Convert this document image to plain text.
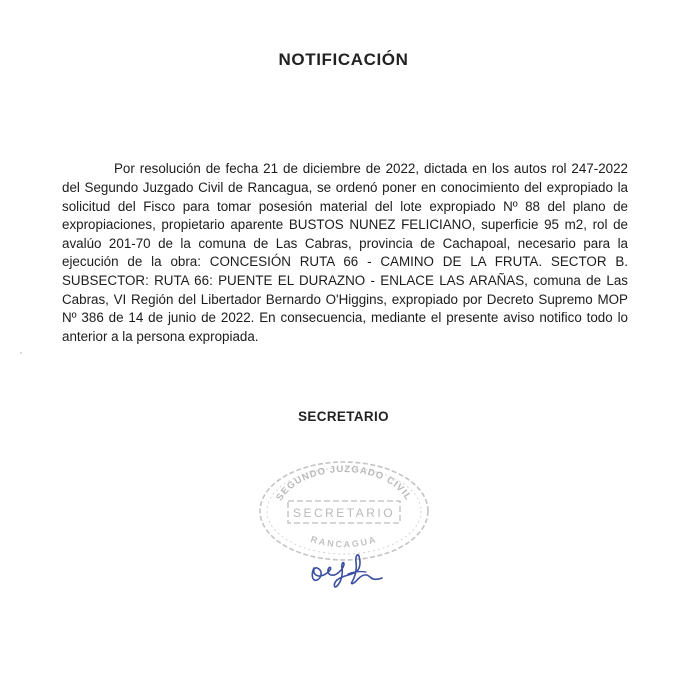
NOTIFICACIÓN

Por resolución de fecha 21 de diciembre de 2022, dictada en los autos rol 247-2022 del Segundo Juzgado Civil de Rancagua, se ordenó poner en conocimiento del expropiado la solicitud del Fisco para tomar posesión material del lote expropiado Nº 88 del plano de expropiaciones, propietario aparente BUSTOS NUNEZ FELICIANO, superficie 95 m2, rol de avalúo 201-70 de la comuna de Las Cabras, provincia de Cachapoal, necesario para la ejecución de la obra: CONCESIÓN RUTA 66 - CAMINO DE LA FRUTA. SECTOR B. SUBSECTOR: RUTA 66: PUENTE EL DURAZNO - ENLACE LAS ARAÑAS, comuna de Las Cabras, VI Región del Libertador Bernardo O'Higgins, expropiado por Decreto Supremo MOP Nº 386 de 14 de junio de 2022. En consecuencia, mediante el presente aviso notifico todo lo anterior a la persona expropiada.

SECRETARIO
SEGUNDO JUZGADO CIVIL
SECRETARIO
RANCAGUA
